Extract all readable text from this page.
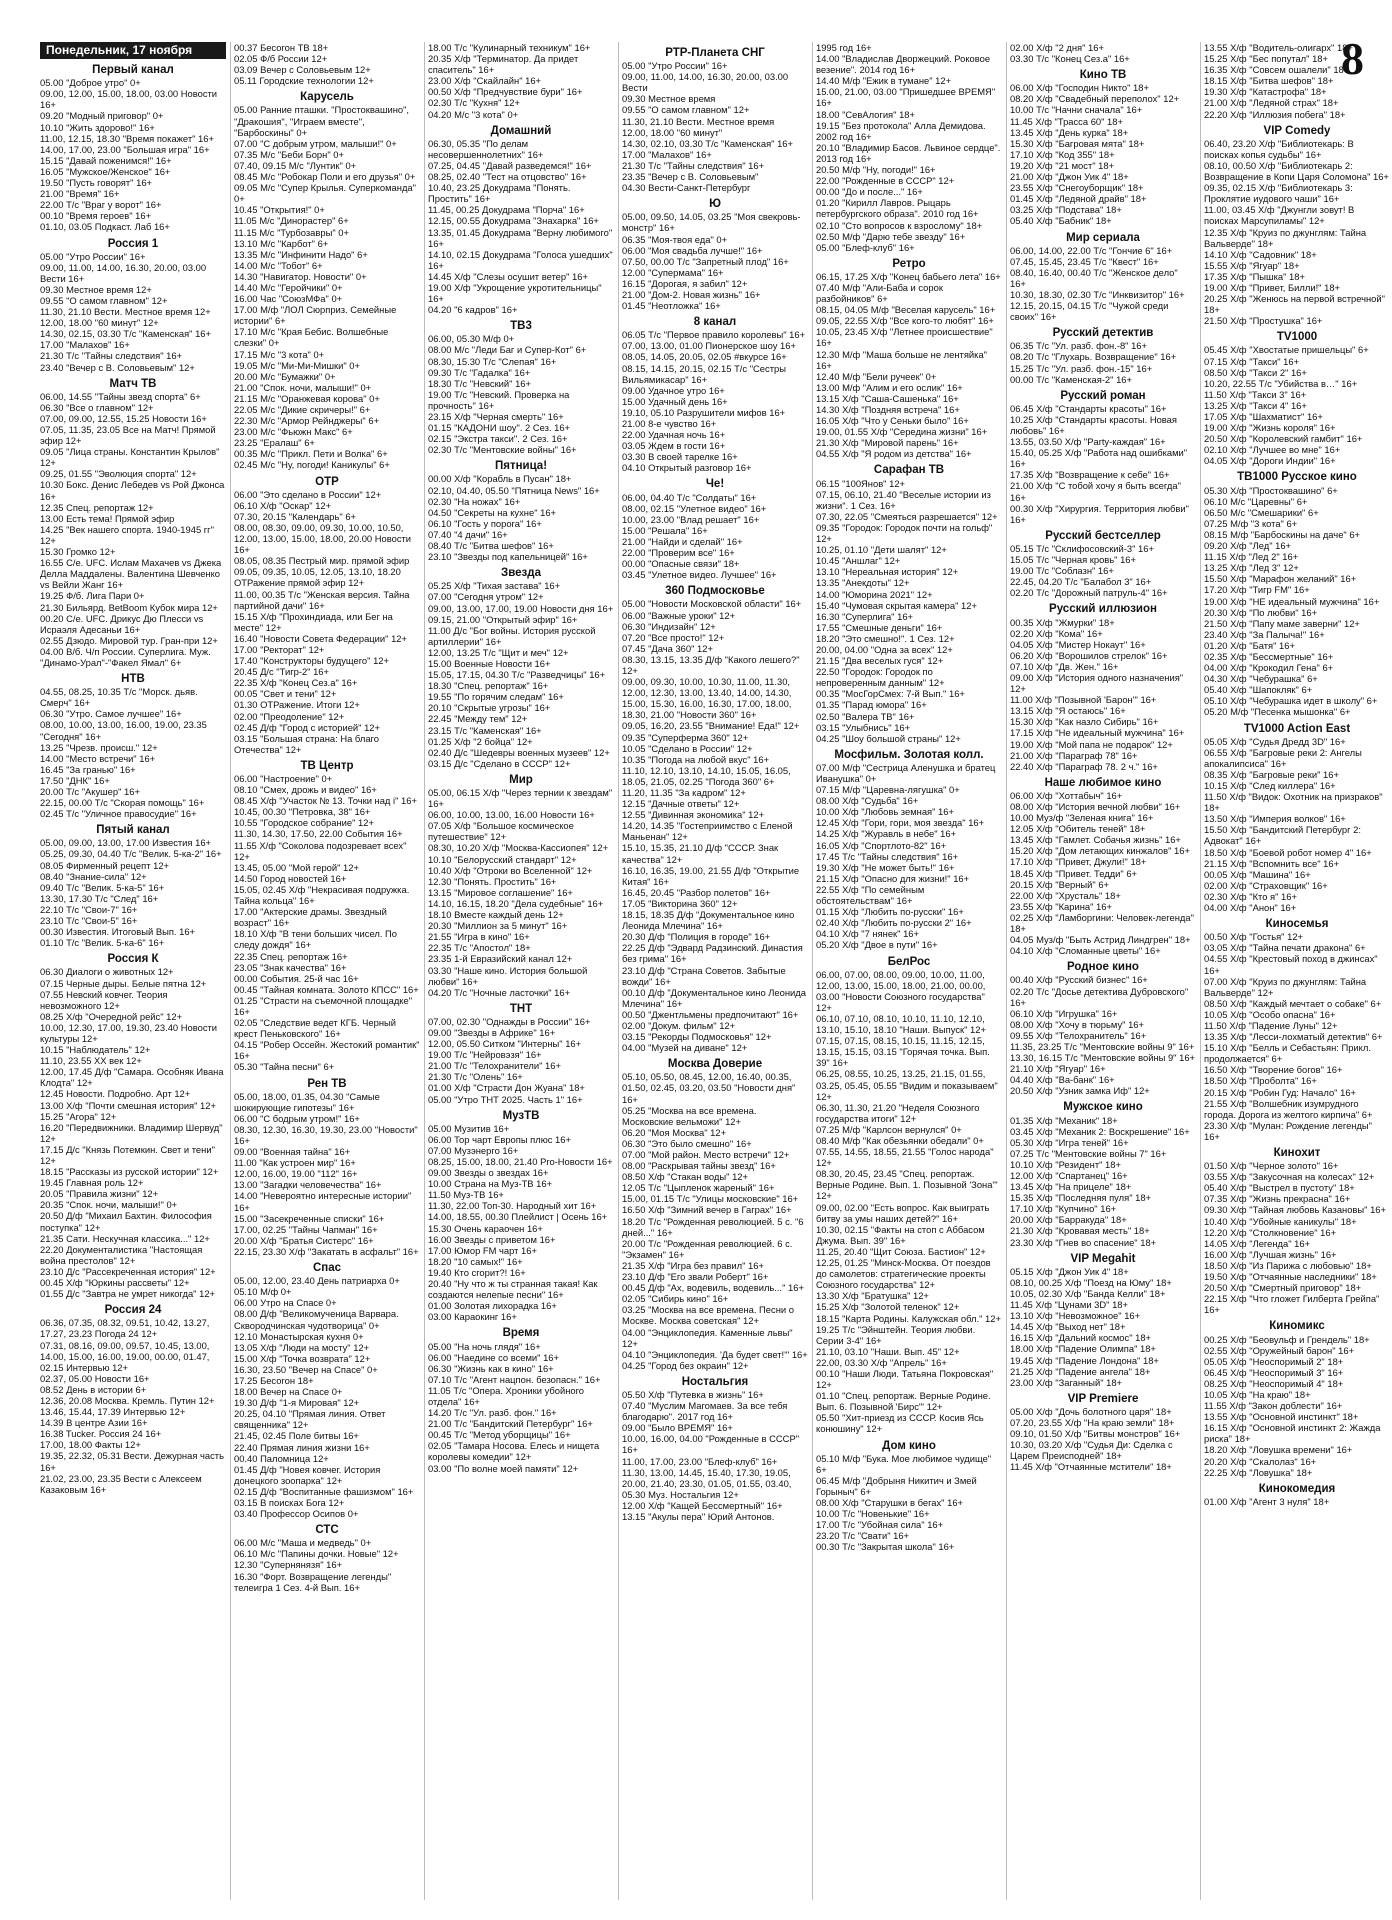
Понедельник, 17 ноября
Первый канал
05.00 "Доброе утро" 0+
09.00, 12.00, 15.00, 18.00, 03.00 Новости 16+
09.20 "Модный приговор" 0+
10.10 "Жить здорово!" 16+
11.00, 12.15, 18.30 "Время покажет" 16+
14.00, 17.00, 23.00 "Большая игра" 16+
15.15 "Давай поженимся!" 16+
16.05 "Мужское/Женское" 16+
19.50 "Пусть говорят" 16+
21.00 "Время" 16+
22.00 Т/с "Враг у ворот" 16+
00.10 "Время героев" 16+
01.10, 03.05 Подкаст. Лаб 16+
Россия 1
05.00 "Утро России" 16+
09.00, 11.00, 14.00, 16.30, 20.00, 03.00 Вести 16+
09.30 Местное время 12+
09.55 "О самом главном" 12+
11.30, 21.10 Вести. Местное время 12+
12.00, 18.00 "60 минут" 12+
14.30, 02.15, 03.30 Т/с "Каменская" 16+
17.00 "Малахов" 16+
21.30 Т/с "Тайны следствия" 16+
23.40 "Вечер с В. Соловьевым" 12+
Матч ТВ
06.00, 14.55 "Тайны звезд спорта" 6+
06.30 "Все о главном" 12+
07.00, 09.00, 12.55, 15.25 Новости 16+
07.05, 11.35, 23.05 Все на Матч! Прямой эфир 12+
09.05 "Лица страны. Константин Крылов" 12+
09.25, 01.55 "Эволюция спорта" 12+
10.30 Бокс. Денис Лебедев vs Рой Джонса 16+
12.35 Спец. репортаж 12+
13.00 Есть тема! Прямой эфир
14.25 "Век нашего спорта. 1940-1945 гг" 12+
15.30 Громко 12+
16.55 С/е. UFC. Ислам Махачев vs Джека Делла Маддалены. Валентина Шевченко vs Вейли Жанг 16+
19.25 Ф/б. Лига Пари 0+
21.30 Бильярд. BetBoom Кубок мира 12+
00.20 С/е. UFC. Дрикус Дю Плесси vs Исраэля Адесаньи 16+
02.55 Дзюдо. Мировой тур. Гран-при 12+
04.00 В/б. Ч/п России. Суперлига. Муж. "Динамо-Урал"-"Факел Ямал" 6+
НТВ
04.55, 08.25, 10.35 Т/с "Морск. дьяв. Смерч" 16+
06.30 "Утро. Самое лучшее" 16+
08.00, 10.00, 13.00, 16.00, 19.00, 23.35 "Сегодня" 16+
13.25 "Чрезв. происш." 12+
14.00 "Место встречи" 16+
16.45 "За гранью" 16+
17.50 "ДНК" 16+
20.00 Т/с "Акушер" 16+
22.15, 00.00 Т/с "Скорая помощь" 16+
02.45 Т/с "Уличное правосудие" 16+
Пятый канал
05.00, 09.00, 13.00, 17.00 Известия 16+
05.25, 09.30, 04.40 Т/с "Велик. 5-ка-2" 16+
08.05 Фирменный рецепт 12+
08.40 "Знание-сила" 12+
09.40 Т/с "Велик. 5-ка-5" 16+
13.30, 17.30 Т/с "След" 16+
22.10 Т/с "Свои-7" 16+
23.10 Т/с "Свои-5" 16+
00.30 Известия. Итоговый Вып. 16+
01.10 Т/с "Велик. 5-ка-6" 16+
Россия К
06.30 Диалоги о животных 12+
07.15 Черные дыры. Белые пятна 12+
07.55 Невский ковчег. Теория невозможного 12+
08.25 Х/ф "Очередной рейс" 12+
10.00, 12.30, 17.00, 19.30, 23.40 Новости культуры 12+
10.15 "Наблюдатель" 12+
11.10, 23.55 XX век 12+
12.00, 17.45 Д/ф "Самара. Особняк Ивана Клодта" 12+
12.45 Новости. Подробно. Арт 12+
13.00 Х/ф "Почти смешная история" 12+
15.25 "Агора" 12+
16.20 "Передвижники. Владимир Шервуд" 12+
17.15 Д/с "Князь Потемкин. Свет и тени" 12+
18.15 "Рассказы из русской истории" 12+
19.45 Главная роль 12+
20.05 "Правила жизни" 12+
20.35 "Спок. ночи, малыши!" 0+
20.50 Д/ф "Михаил Бахтин. Философия поступка" 12+
21.35 Сати. Нескучная классика..." 12+
22.20 Документалистика "Настоящая война престолов" 12+
23.10 Д/с "Рассекреченная история" 12+
00.45 Х/ф "Юркины рассветы" 12+
01.55 Д/с "Завтра не умрет никогда" 12+
Россия 24
06.36, 07.35, 08.32, 09.51, 10.42, 13.27, 17.27, 23.23 Погода 24 12+
07.31, 08.16, 09.00, 09.57, 10.45, 13.00, 14.00, 15.00, 16.00, 19.00, 00.00, 01.47, 02.15 Интервью 12+
02.37, 05.00 Новости 16+
08.52 День в истории 6+
12.36, 20.08 Москва. Кремль. Путин 12+
13.46, 15.44, 17.39 Интервью 12+
14.39 В центре Азии 16+
16.38 Tucker. Россия 24 16+
17.00, 18.00 Факты 12+
19.35, 22.32, 05.31 Вести. Дежурная часть 16+
21.02, 23.00, 23.35 Вести с Алексеем Казаковым 16+
00.37 Бесогон ТВ 18+
02.05 Ф/б России 12+
03.09 Вечер с Соловьевым 12+
05.11 Городские технологии 12+
Карусель
05.00 Ранние пташки. "Простоквашино", "Дракошия", "Играем вместе", "Барбоскины" 0+
07.00 "С добрым утром, малыши!" 0+
07.35 М/с "Беби Борн" 0+
07.40, 09.15 М/с "Лунтик" 0+
08.45 М/с "Робокар Поли и его друзья" 0+
09.05 М/с "Супер Крылья. Суперкоманда" 0+
10.45 "Открытия!" 0+
11.05 М/с "Динорастер" 6+
11.15 М/с "Турбозавры" 0+
13.10 М/с "Карбот" 6+
13.35 М/с "Инфинити Надо" 6+
14.00 М/с "Тобот" 6+
14.30 "Навигатор. Новости" 0+
14.40 М/с "Геройчики" 0+
16.00 Час "СоюзМФа" 0+
17.00 М/ф "ЛОЛ Сюрприз. Семейные истории" 6+
17.10 М/с "Края Бебис. Волшебные слезки" 0+
17.15 М/с "3 кота" 0+
19.05 М/с "Ми-Ми-Мишки" 0+
20.00 М/с "Бумажки" 0+
21.00 "Спок. ночи, малыши!" 0+
21.15 М/с "Оранжевая корова" 0+
22.05 М/с "Дикие скричеры!" 6+
22.30 М/с "Армор Рейнджеры" 6+
23.00 М/с "Фьюжн Макс" 6+
23.25 "Ералаш" 6+
00.35 М/с "Прикл. Пети и Волка" 6+
02.45 М/с "Ну, погоди! Каникулы" 6+
ОТР
06.00 "Это сделано в России" 12+
06.10 Х/ф "Оскар" 12+
07.30, 20.15 "Календарь" 6+
08.00, 08.30, 09.00, 09.30, 10.00, 10.50, 12.00, 13.00, 15.00, 18.00, 20.00 Новости 16+
08.05, 08.35 Пестрый мир. прямой эфир
09.05, 09.35, 10.05, 12.05, 13.10, 18.20 ОТРажение прямой эфир 12+
11.00, 00.35 Т/с "Женская версия. Тайна партийной дачи" 16+
15.15 Х/ф "Прохиндиада, или Бег на месте" 12+
16.40 "Новости Совета Федерации" 12+
17.00 "Ректорат" 12+
17.40 "Конструкторы будущего" 12+
20.45 Д/с "Тигр-2" 16+
22.35 Х/ф "Конец Сез.а" 16+
00.05 "Свет и тени" 12+
01.30 ОТРажение. Итоги 12+
02.00 "Преодоление" 12+
02.45 Д/ф "Город с историей" 12+
03.15 "Большая страна: На благо Отечества" 12+
ТВ Центр
06.00 "Настроение" 0+
08.10 "Смех, дрожь и видео" 16+
08.45 Х/ф "Участок № 13. Точки над i" 16+
10.45, 00.30 "Петровка, 38" 16+
10.55 "Городское собрание" 12+
11.30, 14.30, 17.50, 22.00 События 16+
11.55 Х/ф "Соколова подозревает всех" 12+
13.45, 05.00 "Мой герой" 12+
14.50 Город новостей 16+
15.05, 02.45 Х/ф "Некрасивая подружка. Тайна кольца" 16+
17.00 "Актерские драмы. Звездный возраст" 16+
18.10 Х/ф "В тени больших чисел. По следу дождя" 16+
22.35 Спец. репортаж 16+
23.05 "Знак качества" 16+
00.00 События. 25-й час 16+
00.45 "Тайная комната. Золото КПСС" 16+
01.25 "Страсти на съемочной площадке" 16+
02.05 "Следствие ведет КГБ. Черный крест Пеньковского" 16+
04.15 "Робер Оссейн. Жестокий романтик" 16+
05.30 "Тайна песни" 6+
Рен ТВ
05.00, 18.00, 01.35, 04.30 "Самые шокирующие гипотезы" 16+
06.00 "С бодрым утром!" 16+
08.30, 12.30, 16.30, 19.30, 23.00 "Новости" 16+
09.00 "Военная тайна" 16+
11.00 "Как устроен мир" 16+
12.00, 16.00, 19.00 "112" 16+
13.00 "Загадки человечества" 16+
14.00 "Невероятно интересные истории" 16+
15.00 "Засекреченные списки" 16+
17.00, 02.25 "Тайны Чапман" 16+
20.00 Х/ф "Братья Систерс" 16+
22.15, 23.30 Х/ф "Закатать в асфальт" 16+
Спас
05.00, 12.00, 23.40 День патриарха 0+
05.10 М/ф 0+
06.00 Утро на Спасе 0+
08.00 Д/ф "Великомученица Варвара. Сквородчинская чудотворица" 0+
12.10 Монастырская кухня 0+
13.05 Х/ф "Люди на мосту" 12+
15.00 Х/ф "Точка возврата" 12+
16.30, 23.50 "Вечер на Спасе" 0+
17.25 Бесогон 18+
18.00 Вечер на Спасе 0+
19.30 Д/ф "1-я Мировая" 12+
20.25, 04.10 "Прямая линия. Ответ священника" 12+
21.45, 02.45 Поле битвы 16+
22.40 Прямая линия жизни 16+
00.40 Паломница 12+
01.45 Д/ф "Новея ковчег. История донецкого зоопарка" 12+
02.15 Д/ф "Воспитанные фашизмом" 16+
03.15 В поисках Бога 12+
03.40 Профессор Осипов 0+
СТС
06.00 М/с "Маша и медведь" 0+
06.10 М/с "Папины дочки. Новые" 12+
12.30 "Супернянязя" 16+
16.30 "Форт. Возвращение легенды" телеигра 1 Сез. 4-й Вып. 16+
18.00 Т/с "Кулинарный техникум" 16+
20.35 Х/ф "Терминатор. Да придет спаситель" 16+
23.00 Х/ф "Скайлайн" 16+
00.50 Х/ф "Предчувствие бури" 16+
02.30 Т/с "Кухня" 12+
04.20 М/с "3 кота" 0+
Домашний
06.30, 05.35 "По делам несовершеннолетних" 16+
07.25, 04.45 "Давай разведемся!" 16+
08.25, 02.40 "Тест на отцовство" 16+
10.40, 23.25 Докудрама "Понять. Простить" 16+
11.45, 00.25 Докудрама "Порча" 16+
12.15, 00.55 Докудрама "Знахарка" 16+
13.35, 01.45 Докудрама "Верну любимого" 16+
14.10, 02.15 Докудрама "Голоса ушедших" 16+
14.45 Х/ф "Слезы осушит ветер" 16+
19.00 Х/ф "Укрощение укротительницы" 16+
04.20 "6 кадров" 16+
ТВ3
06.00, 05.30 М/ф 0+
08.00 М/с "Леди Баг и Супер-Кот" 6+
08.30, 15.30 Т/с "Слепая" 16+
09.30 Т/с "Гадалка" 16+
18.30 Т/с "Невский" 16+
19.00 Т/с "Невский. Проверка на прочность" 16+
23.15 Х/ф "Черная смерть" 16+
01.15 "КАДОНИ шоу". 2 Сез. 16+
02.15 "Экстра такси". 2 Сез. 16+
02.30 Т/с "Ментовские войны" 16+
Пятница!
00.00 Х/ф "Корабль в Пусан" 18+
02.10, 04.40, 05.50 "Пятница News" 16+
02.30 "На ножах" 16+
04.50 "Секреты на кухне" 16+
06.10 "Гость у порога" 16+
07.40 "4 дачи" 16+
08.40 Т/с "Битва шефов" 16+
23.10 "Звезды под капельницей" 16+
Звезда
05.25 Х/ф "Тихая застава" 16+
07.00 "Сегодня утром" 12+
09.00, 13.00, 17.00, 19.00 Новости дня 16+
09.15, 21.00 "Открытый эфир" 16+
11.00 Д/с "Бог войны. История русской артиллерии" 16+
12.00, 13.25 Т/с "Щит и меч" 12+
15.00 Военные Новости 16+
15.05, 17.15, 04.30 Т/с "Разведчицы" 16+
18.30 "Спец. репортаж" 16+
19.55 "По горячим следам" 16+
20.10 "Скрытые угрозы" 16+
22.45 "Между тем" 12+
23.15 Т/с "Каменская" 16+
01.25 Х/ф "2 бойца" 12+
02.40 Д/с "Шедевры военных музеев" 12+
03.15 Д/с "Сделано в СССР" 12+
Мир
05.00, 06.15 Х/ф "Через тернии к звездам" 16+
06.00, 10.00, 13.00, 16.00 Новости 16+
07.05 Х/ф "Большое космическое путешествие" 12+
08.30, 10.20 Х/ф "Москва-Кассиопея" 12+
10.10 "Белорусский стандарт" 12+
10.40 Х/ф "Отроки во Вселенной" 12+
12.30 "Понять. Простить" 16+
13.15 "Мировое соглашение" 16+
14.10, 16.15, 18.20 "Дела судебные" 16+
18.10 Вместе каждый день 12+
20.30 "Миллион за 5 минут" 16+
21.55 "Игра в кино" 16+
22.35 Т/с "Апостол" 18+
23.35 1-й Евразийский канал 12+
03.30 "Наше кино. История большой любви" 16+
04.20 Т/с "Ночные ласточки" 16+
ТНТ
07.00, 02.30 "Однажды в России" 16+
09.00 "Звезды в Африке" 16+
12.00, 05.50 Ситком "Интерны" 16+
19.00 Т/с "Нейровэзя" 16+
21.00 Т/с "Телохранители" 16+
21.30 Т/с "Олень" 16+
01.00 Х/ф "Страсти Дон Жуана" 18+
05.00 "Утро ТНТ 2025. Часть 1" 16+
МузТВ
05.00 Музитив 16+
06.00 Тор чарт Европы плюс 16+
07.00 Музэнерго 16+
08.25, 15.00, 18.00, 21.40 Pro-Новости 16+
09.00 Звезды о звездах 16+
10.00 Страна на Муз-ТВ 16+
11.50 Муз-ТВ 16+
11.30, 22.00 Топ-30. Народный хит 16+
14.00, 18.55, 00.30 Плейлист | Осень 16+
15.30 Очень караочен 16+
16.00 Звезды с приветом 16+
17.00 Юмор FM чарт 16+
18.20 "10 самых!" 16+
19.40 Кто сгорит?! 16+
20.40 "Ну что ж ты странная такая! Как создаются нелепые песни" 16+
01.00 Золотая лихорадка 16+
03.00 Караокинг 16+
Время
05.00 "На ночь глядя" 16+
06.00 "Наедине со всеми" 16+
06.30 "Жизнь как в кино" 16+
07.10 Т/с "Агент нацпон. безопасн." 16+
11.05 Т/с "Опера. Хроники убойного отдела" 16+
14.20 Т/с "Ул. разб. фон." 16+
21.00 Т/с "Бандитский Петербург" 16+
00.45 Т/с "Метод уборщицы" 16+
02.05 "Тамара Носова. Елесь и нищета королевы комедии" 12+
03.00 "По волне моей памяти" 12+
РТР-Планета СНГ
05.00 "Утро России" 16+
09.00, 11.00, 14.00, 16.30, 20.00, 03.00 Вести
09.30 Местное время
09.55 "О самом главном" 12+
11.30, 21.10 Вести. Местное время
12.00, 18.00 "60 минут"
14.30, 02.10, 03.30 Т/с "Каменская" 16+
17.00 "Малахов" 16+
21.30 Т/с "Тайны следствия" 16+
23.35 "Вечер с В. Соловьевым"
04.30 Вести-Санкт-Петербург
Ю
05.00, 09.50, 14.05, 03.25 "Моя свекровь-монстр" 16+
06.35 "Моя-твоя еда" 0+
06.00 "Моя свадьба лучше!" 16+
07.50, 00.00 Т/с "Запретный плод" 16+
12.00 "Супермама" 16+
16.15 "Дорогая, я забил" 12+
21.00 "Дом-2. Новая жизнь" 16+
01.45 "Неотложка" 16+
8 канал
06.05 Т/с "Первое правило королевы" 16+
07.00, 13.00, 01.00 Пионерское шоу 16+
08.05, 14.05, 20.05, 02.05 #вкурсе 16+
08.15, 14.15, 20.15, 02.15 Т/с "Сестры Вильямикасар" 16+
09.00 Удачное утро 16+
15.00 Удачный день 16+
19.10, 05.10 Разрушители мифов 16+
21.00 8-е чувство 16+
22.00 Удачная ночь 16+
03.05 Ждем в гости 16+
03.30 В своей тарелке 16+
04.10 Открытый разговор 16+
Че!
06.00, 04.40 Т/с "Солдаты" 16+
08.00, 02.15 "Улетное видео" 16+
10.00, 23.00 "Влад решает" 16+
15.00 "Решала" 16+
21.00 "Найди и сделай" 16+
22.00 "Проверим все" 16+
00.00 "Опасные связи" 18+
03.45 "Улетное видео. Лучшее" 16+
360 Подмосковье
05.00 "Новости Московской области" 16+
06.00 "Важные уроки" 12+
06.30 "Индизайн" 12+
07.20 "Все просто!" 12+
07.45 "Дача 360" 12+
08.30, 13.15, 13.35 Д/ф "Какого лешего?" 12+
09.00, 09.30, 10.00, 10.30, 11.00, 11.30, 12.00, 12.30, 13.00, 13.40, 14.00, 14.30, 15.00, 15.30, 16.00, 16.30, 17.00, 18.00, 18.30, 21.00 "Новости 360" 16+
09.05, 16.20, 23.55 "Внимание! Еда!" 12+
09.35 "Суперферма 360" 12+
10.05 "Сделано в России" 12+
10.35 "Погода на любой вкус" 16+
11.10, 12.10, 13.10, 14.10, 15.05, 16.05, 18.05, 21.05, 02.25 "Погода 360" 6+
11.20, 11.35 "За кадром" 12+
12.15 "Дачные ответы" 12+
12.55 "Дивинная экономика" 12+
14.20, 14.35 "Гостеприимство с Еленой Маньенан" 12+
15.10, 15.35, 21.10 Д/ф "СССР. Знак качества" 12+
16.10, 16.35, 19.00, 21.55 Д/ф "Открытие Китая" 16+
16.45, 20.45 "Разбор полетов" 16+
17.05 "Викторина 360" 12+
18.15, 18.35 Д/ф "Документальное кино Леонида Млечина" 16+
20.30 Д/ф "Полиция в городе" 16+
22.25 Д/ф "Эдвард Радзинский. Династия без грима" 16+
23.10 Д/ф "Страна Советов. Забытые вожди" 16+
00.10 Д/ф "Документальное кино Леонида Млечина" 16+
00.50 "Джентльмены предпочитают" 16+
02.00 "Докум. фильм" 12+
03.15 "Рекорды Подмосковья" 12+
04.00 "Музей на диване" 12+
Москва Доверие
05.10, 05.50, 08.45, 12.00, 16.40, 00.35, 01.50, 02.45, 03.20, 03.50 "Новости дня" 16+
05.25 "Москва на все времена. Московские вельможи" 12+
06.20 "Моя Москва" 12+
06.30 "Это было смешно" 16+
07.00 "Мой район. Место встречи" 12+
08.00 "Раскрывая тайны звезд" 16+
08.50 Х/ф "Стакан воды" 12+
12.05 Т/с "Цыпленок жареный" 16+
15.00, 01.15 Т/с "Улицы московские" 16+
16.50 Х/ф "Зимний вечер в Гаграх" 16+
18.20 Т/с "Рожденная революцией. 5 с. "6 дней..." 16+
20.00 Т/с "Рожденная революцией. 6 с. "Экзамен" 16+
21.35 Х/ф "Игра без правил" 16+
23.10 Д/ф "Его звали Роберт" 16+
00.45 Д/ф "Ах, водевиль, водевиль..." 16+
02.05 "Сибирь кино" 16+
03.25 "Москва на все времена. Песни о Москве. Москва советская" 12+
04.00 "Энциклопедия. Каменные львы" 12+
04.10 "Энциклопедия. 'Да будет свет!'" 16+
04.25 "Город без окраин" 12+
Ностальгия
05.50 Х/ф "Путевка в жизнь" 16+
07.40 "Муслим Магомаев. За все тебя благодарю". 2017 год 16+
09.00 "Было ВРЕМЯ" 16+
10.00, 16.00, 04.00 "Рожденные в СССР" 16+
11.00, 17.00, 23.00 "Блеф-клуб" 16+
11.30, 13.00, 14.45, 15.40, 17.30, 19.05, 20.00, 21.40, 23.30, 01.05, 01.55, 03.40, 05.30 Муз. Ностальгия 12+
12.00 Х/ф "Кащей Бессмертный" 16+
13.15 "Акулы пера" Юрий Антонов.
1995 год 16+
14.00 "Владислав Дворжецкий. Роковое везение". 2014 год 16+
14.40 М/ф "Ежик в тумане" 12+
15.00, 21.00, 03.00 "Пришедшее ВРЕМЯ" 16+
18.00 "СевАлогия" 18+
19.15 "Без протокола" Алла Демидова. 2002 год 16+
20.10 "Владимир Басов. Львиное сердце". 2013 год 16+
20.50 М/ф "Ну, погоди!" 16+
22.00 "Рожденные в СССР" 12+
00.00 "До и после..." 16+
01.20 "Кирилл Лавров. Рыцарь петербургского образа". 2010 год 16+
02.10 "Сто вопросов к взрослому" 18+
02.50 М/ф "Дарю тебе звезду" 16+
05.00 "Блеф-клуб" 16+
Ретро
06.15, 17.25 Х/ф "Конец бабьего лета" 16+
07.40 М/ф "Али-Баба и сорок разбойников" 6+
08.15, 04.05 М/ф "Веселая карусель" 16+
09.05, 22.55 Х/ф "Все кого-то любят" 16+
10.05, 23.45 Х/ф "Летнее происшествие" 16+
12.30 М/ф "Маша больше не лентяйка" 16+
12.40 М/ф "Бели ручеек" 0+
13.00 М/ф "Алим и его ослик" 16+
13.15 Х/ф "Саша-Сашенька" 16+
14.30 Х/ф "Поздняя встреча" 16+
16.05 Х/ф "Что у Сеньки было" 16+
19.00, 01.55 Х/ф "Середина жизни" 16+
21.30 Х/ф "Мировой парень" 16+
04.55 Х/ф "Я родом из детства" 16+
Сарафан ТВ
06.15 "100Янов" 12+
07.15, 06.10, 21.40 "Веселые истории из жизни". 1 Сез. 16+
07.30, 22.05 "Смеяться разрешается" 12+
09.35 "Городок: Городок почти на гольф" 12+
10.25, 01.10 "Дети шалят" 12+
10.45 "Аншлаг" 12+
13.10 "Нереальная история" 12+
13.35 "Анекдоты" 12+
14.00 "Юморина 2021" 12+
15.40 "Чумовая скрытая камера" 12+
16.30 "Суперлига" 16+
17.55 "Смешные деньги" 16+
18.20 "Это смешно!". 1 Сез. 12+
20.00, 04.00 "Одна за всех" 12+
21.15 "Два веселых гуся" 12+
22.50 "Городок: Городок по непроверенным данным" 12+
00.35 "МосГорСмех: 7-й Вып." 16+
01.35 "Парад юмора" 16+
02.50 "Валера ТВ" 16+
03.15 "Улыбнись" 16+
04.25 "Шоу большой страны" 12+
Мосфильм. Золотая колл.
07.00 М/ф "Сестрица Аленушка и братец Иванушка" 0+
07.15 М/ф "Царевна-лягушка" 0+
08.00 Х/ф "Судьба" 16+
10.00 Х/ф "Любовь земная" 16+
12.45 Х/ф "Гори, гори, моя звезда" 16+
14.25 Х/ф "Журавль в небе" 16+
16.05 Х/ф "Спортлото-82" 16+
17.45 Т/с "Тайны следствия" 16+
19.30 Х/ф "Не может быть!" 16+
21.15 Х/ф "Опасно для жизни!" 16+
22.55 Х/ф "По семейным обстоятельствам" 16+
01.15 Х/ф "Любить по-русски" 16+
02.40 Х/ф "Любить по-русски 2" 16+
04.10 Х/ф "7 нянек" 16+
05.20 Х/ф "Двое в пути" 16+
БелРос
06.00, 07.00, 08.00, 09.00, 10.00, 11.00, 12.00, 13.00, 15.00, 18.00, 21.00, 00.00, 03.00 "Новости Союзного государства" 12+
06.10, 07.10, 08.10, 10.10, 11.10, 12.10, 13.10, 15.10, 18.10 "Наши. Выпуск" 12+
07.15, 07.15, 08.15, 10.15, 11.15, 12.15, 13.15, 15.15, 03.15 "Горячая точка. Вып. 39" 16+
06.25, 08.55, 10.25, 13.25, 21.15, 01.55, 03.25, 05.45, 05.55 "Видим и показываем" 12+
06.30, 11.30, 21.20 "Неделя Союзного государства итоги" 12+
07.25 М/ф "Карлсон вернулся" 0+
08.40 М/ф "Как обезьянки обедали" 0+
07.55, 14.55, 18.55, 21.55 "Голос народа" 12+
08.30, 20.45, 23.45 "Спец. репортаж. Верные Родине. Вып. 1. Позывной 'Зона'" 12+
09.00, 02.00 "Есть вопрос. Как выиграть битву за умы наших детей?" 16+
10.30, 02.15 "Факты на стоп с Аббасом Джума. Вып. 39" 16+
11.25, 20.40 "Щит Союза. Бастион" 12+
12.25, 01.25 "Минск-Москва. От поездов до самолетов: стратегические проекты Союзного государства" 12+
13.30 Х/ф "Братушка" 12+
15.25 Х/ф "Золотой теленок" 12+
18.15 "Карта Родины. Калужская обл." 12+
19.25 Т/с "Эйнштейн. Теория любви. Серии 3-4" 16+
21.10, 03.10 "Наши. Вып. 45" 12+
22.00, 03.30 Х/ф "Апрель" 16+
00.10 "Наши Люди. Татьяна Покровская" 12+
01.10 "Спец. репортаж. Верные Родине. Вып. 6. Позывной 'Бирс'" 12+
05.50 "Хит-приезд из СССР. Косив Ясь конюшину" 12+
Дом кино
05.10 М/ф "Бука. Мое любимое чудище" 6+
06.45 М/ф "Добрыня Никитич и Змей Горыныч" 6+
08.00 Х/ф "Старушки в бегах" 16+
10.00 Т/с "Новенькие" 16+
17.00 Т/с "Убойная сила" 16+
23.20 Т/с "Свати" 16+
00.30 Т/с "Закрытая школа" 16+
02.00 Х/ф "2 дня" 16+
03.30 Т/с "Конец Сез.а" 16+
Кино ТВ
06.00 Х/ф "Господин Никто" 18+
08.20 Х/ф "Свадебный переполох" 12+
10.00 Т/с "Начни сначала" 16+
11.45 Х/ф "Трасса 60" 18+
13.45 Х/ф "День курка" 18+
15.30 Х/ф "Багровая мята" 18+
17.10 Х/ф "Код 355" 18+
19.20 Х/ф "21 мост" 18+
21.00 Х/ф "Джон Уик 4" 18+
23.55 Х/ф "Снегоуборщик" 18+
01.45 Х/ф "Ледяной драйв" 18+
03.25 Х/ф "Подстава" 18+
05.40 Х/ф "Бабник" 18+
Мир сериала
06.00, 14.00, 22.00 Т/с "Гончие 6" 16+
07.45, 15.45, 23.45 Т/с "Квест" 16+
08.40, 16.40, 00.40 Т/с "Женское дело" 16+
10.30, 18.30, 02.30 Т/с "Инквизитор" 16+
12.15, 20.15, 04.15 Т/с "Чужой среди своих" 16+
Русский детектив
06.35 Т/с "Ул. разб. фон.-8" 16+
08.20 Т/с "Глухарь. Возвращение" 16+
15.25 Т/с "Ул. разб. фон.-15" 16+
00.00 Т/с "Каменская-2" 16+
Русский роман
06.45 Х/ф "Стандарты красоты" 16+
10.25 Х/ф "Стандарты красоты. Новая любовь" 16+
13.55, 03.50 Х/ф "Party-каждая" 16+
15.40, 05.25 Х/ф "Работа над ошибками" 16+
17.35 Х/ф "Возвращение к себе" 16+
21.00 Х/ф "С тобой хочу я быть всегда" 16+
00.30 Х/ф "Хирургия. Территория любви" 16+
Русский бестселлер
05.15 Т/с "Склифосовский-3" 16+
15.05 Т/с "Черная кровь" 16+
19.00 Т/с "Соблазн" 16+
22.45, 04.20 Т/с "Балабол 3" 16+
02.20 Т/с "Дорожный патруль-4" 16+
Русский иллюзион
00.35 Х/ф "Жмурки" 18+
02.20 Х/ф "Кома" 16+
04.05 Х/ф "Мистер Нокаут" 16+
06.20 Х/ф "Ворошилов стрелок" 16+
07.10 Х/ф "Дв. Жен." 16+
09.00 Х/ф "История одного назначения" 12+
11.00 Х/ф "Позывной 'Барон'" 16+
13.15 Х/ф "Я остаюсь" 16+
15.30 Х/ф "Как назло Сибирь" 16+
17.15 Х/ф "Не идеальный мужчина" 16+
19.00 Х/ф "Мой папа не подарок" 12+
21.00 Х/ф "Параграф 78" 16+
22.40 Х/ф "Параграф 78. 2 ч." 16+
Наше любимое кино
06.00 Х/ф "Хоттабыч" 16+
08.00 Х/ф "История вечной любви" 16+
10.00 Муз/ф "Зеленая книга" 16+
12.05 Х/ф "Обитель теней" 18+
13.45 Х/ф "Гамлет. Собачья жизнь" 16+
15.20 Х/ф "Дом летающих кинжалов" 16+
17.10 Х/ф "Привет, Джули!" 18+
18.45 Х/ф "Привет. Тедди" 6+
20.15 Х/ф "Верный" 6+
22.00 Х/ф "Хрусталь" 18+
23.55 Х/ф "Карина" 16+
02.25 Х/ф "Ламборгини: Человек-легенда" 18+
04.05 Муз/ф "Быть Астрид Линдгрен" 18+
04.10 Х/ф "Сломанные цветы" 16+
Родное кино
00.40 Х/ф "Русский бизнес" 16+
02.20 Т/с "Досье детектива Дубровского" 16+
06.10 Х/ф "Игрушка" 16+
08.00 Х/ф "Хочу в тюрьму" 16+
09.55 Х/ф "Телохранитель" 16+
11.35, 23.25 Т/с "Ментовские войны 9" 16+
13.30, 16.15 Т/с "Ментовские войны 9" 16+
21.10 Х/ф "Ягуар" 16+
04.40 Х/ф "Ва-банк" 16+
20.50 Х/ф "Узник замка Иф" 12+
Мужское кино
01.35 Х/ф "Механик" 18+
03.45 Х/ф "Механик 2: Воскрешение" 16+
05.30 Х/ф "Игра теней" 16+
07.25 Т/с "Ментовские войны 7" 16+
10.10 Х/ф "Резидент" 18+
12.00 Х/ф "Спартанец" 16+
13.45 Х/ф "На прицеле" 18+
15.35 Х/ф "Последняя пуля" 18+
17.10 Х/ф "Купчино" 16+
20.00 Х/ф "Барракуда" 18+
21.30 Х/ф "Кровавая месть" 18+
23.30 Х/ф "Гнев во спасение" 18+
VIP Megahit
05.15 Х/ф "Джон Уик 4" 18+
08.10, 00.25 Х/ф "Поезд на Юму" 18+
10.05, 02.30 Х/ф "Банда Келли" 18+
11.45 Х/ф "Цунами 3D" 18+
13.10 Х/ф "Невозможное" 16+
14.45 Х/ф "Выход нет" 18+
16.15 Х/ф "Дальний космос" 18+
18.00 Х/ф "Падение Олимпа" 18+
19.45 Х/ф "Падение Лондона" 18+
21.25 Х/ф "Падение ангела" 18+
23.00 Х/ф "Заганный" 18+
VIP Premiere
05.00 Х/ф "Дочь болотного царя" 18+
07.20, 23.55 Х/ф "На краю земли" 18+
09.10, 01.50 Х/ф "Битвы монстров" 16+
10.30, 03.20 Х/ф "Судья Ди: Сделка с Царем Преисподней" 18+
11.45 Х/ф "Отчаянные мстители" 18+
13.55 Х/ф "Водитель-олигарх" 18+
15.25 Х/ф "Бес попутал" 18+
16.35 Х/ф "Совсем ошалели" 18+
18.15 Х/ф "Битва шефов" 18+
19.30 Х/ф "Катастрофа" 18+
21.00 Х/ф "Ледяной страх" 18+
22.20 Х/ф "Иллюзия побега" 18+
VIP Comedy
06.40, 23.20 Х/ф "Библиотекарь: В поисках копья судьбы" 16+
08.10, 00.50 Х/ф "Библиотекарь 2: Возвращение в Копи Царя Соломона" 16+
09.35, 02.15 Х/ф "Библиотекарь 3: Проклятие иудового чаши" 16+
11.00, 03.45 Х/ф "Джунгли зовут! В поисках Марсупиламы" 12+
12.35 Х/ф "Круиз по джунглям: Тайна Вальверде" 18+
14.10 Х/ф "Садовник" 18+
15.55 Х/ф "Ягуар" 18+
17.35 Х/ф "Пышка" 18+
19.00 Х/ф "Привет, Билли!" 18+
20.25 Х/ф "Женюсь на первой встречной" 18+
21.50 Х/ф "Простушка" 16+
TV1000
05.45 Х/ф "Хвостатые пришельцы" 6+
07.15 Х/ф "Такси" 16+
08.50 Х/ф "Такси 2" 16+
10.20, 22.55 Т/с "Убийства в…" 16+
11.50 Х/ф "Такси 3" 16+
13.25 Х/ф "Такси 4" 16+
17.05 Х/ф "Шахматист" 16+
19.00 Х/ф "Жизнь короля" 16+
20.50 Х/ф "Королевский гамбит" 16+
02.10 Х/ф "Лучшее во мне" 16+
04.05 Х/ф "Дороги Индии" 16+
ТВ1000 Русское кино
05.30 Х/ф "Простоквашино" 6+
06.10 М/с "Царевны" 6+
06.50 М/с "Смешарики" 6+
07.25 М/ф "3 кота" 6+
08.15 М/ф "Барбоскины на даче" 6+
09.20 Х/ф "Лед" 16+
11.15 Х/ф "Лед 2" 16+
13.25 Х/ф "Лед 3" 12+
15.50 Х/ф "Марафон желаний" 16+
17.20 Х/ф "Тигр FM" 16+
19.00 Х/ф "НЕ идеальный мужчина" 16+
20.30 Х/ф "По любви" 16+
21.50 Х/ф "Папу маме заверни" 12+
23.40 Х/ф "За Палыча!" 16+
01.20 Х/ф "Батя" 16+
02.35 Х/ф "Бессмертные" 16+
04.00 Х/ф "Крокодил Гена" 6+
04.30 Х/ф "Чебурашка" 6+
05.40 Х/ф "Шапокляк" 6+
05.10 Х/ф "Чебурашка идет в школу" 6+
05.20 М/ф "Песенка мышонка" 6+
TV1000 Action East
05.05 Х/ф "Судья Дредд 3D" 16+
06.55 Х/ф "Багровые реки 2: Ангелы апокалипсиса" 16+
08.35 Х/ф "Багровые реки" 16+
10.15 Х/ф "След киллера" 16+
11.50 Х/ф "Видок: Охотник на призраков" 18+
13.50 Х/ф "Империя волков" 16+
15.50 Х/ф "Бандитский Петербург 2: Адвокат" 16+
18.50 Х/ф "Боевой робот номер 4" 16+
21.15 Х/ф "Вспомнить все" 16+
00.05 Х/ф "Машина" 16+
02.00 Х/ф "Страховщик" 16+
02.30 Х/ф "Кто я" 16+
04.00 Х/ф "Анон" 16+
Киносемья
00.50 Х/ф "Гостья" 12+
03.05 Х/ф "Тайна печати дракона" 6+
04.55 Х/ф "Крестовый поход в джинсах" 16+
07.00 Х/ф "Круиз по джунглям: Тайна Вальверде" 12+
08.50 Х/ф "Каждый мечтает о собаке" 6+
10.05 Х/ф "Особо опасна" 16+
11.50 Х/ф "Падение Луны" 12+
13.35 Х/ф "Лесси-лохматый детектив" 6+
15.10 Х/ф "Белль и Себастьян: Прикл. продолжается" 6+
16.50 Х/ф "Творение богов" 16+
18.50 Х/ф "Проболта" 16+
20.15 Х/ф "Робин Гуд: Начало" 16+
21.55 Х/ф "Волшебник изумрудного города. Дорога из желтого кирпича" 6+
23.30 Х/ф "Мулан: Рождение легенды" 16+
Кинохит
01.50 Х/ф "Черное золото" 16+
03.55 Х/ф "Закусочная на колесах" 12+
05.40 Х/ф "Выстрел в пустоту" 18+
07.35 Х/ф "Жизнь прекрасна" 16+
09.30 Х/ф "Тайная любовь Казановы" 16+
10.40 Х/ф "Убойные каникулы" 18+
12.20 Х/ф "Столкновение" 16+
14.05 Х/ф "Легенда" 16+
16.00 Х/ф "Лучшая жизнь" 16+
18.50 Х/ф "Из Парижа с любовью" 18+
19.50 Х/ф "Отчаянные наследники" 18+
20.50 Х/ф "Смертный приговор" 18+
22.15 Х/ф "Что гложет Гилберта Грейпа" 16+
Киномикс
00.25 Х/ф "Беовульф и Грендель" 18+
02.55 Х/ф "Оружейный барон" 16+
05.05 Х/ф "Неоспоримый 2" 18+
06.45 Х/ф "Неоспоримый 3" 16+
08.25 Х/ф "Неоспоримый 4" 18+
10.05 Х/ф "На краю" 18+
11.55 Х/ф "Закон доблести" 16+
13.55 Х/ф "Основной инстинкт" 18+
16.15 Х/ф "Основной инстинкт 2: Жажда риска" 18+
18.20 Х/ф "Ловушка времени" 16+
20.20 Х/ф "Скалолаз" 16+
22.25 Х/ф "Ловушка" 18+
Кинокомедия
01.00 Х/ф "Агент 3 нуля" 18+
8
